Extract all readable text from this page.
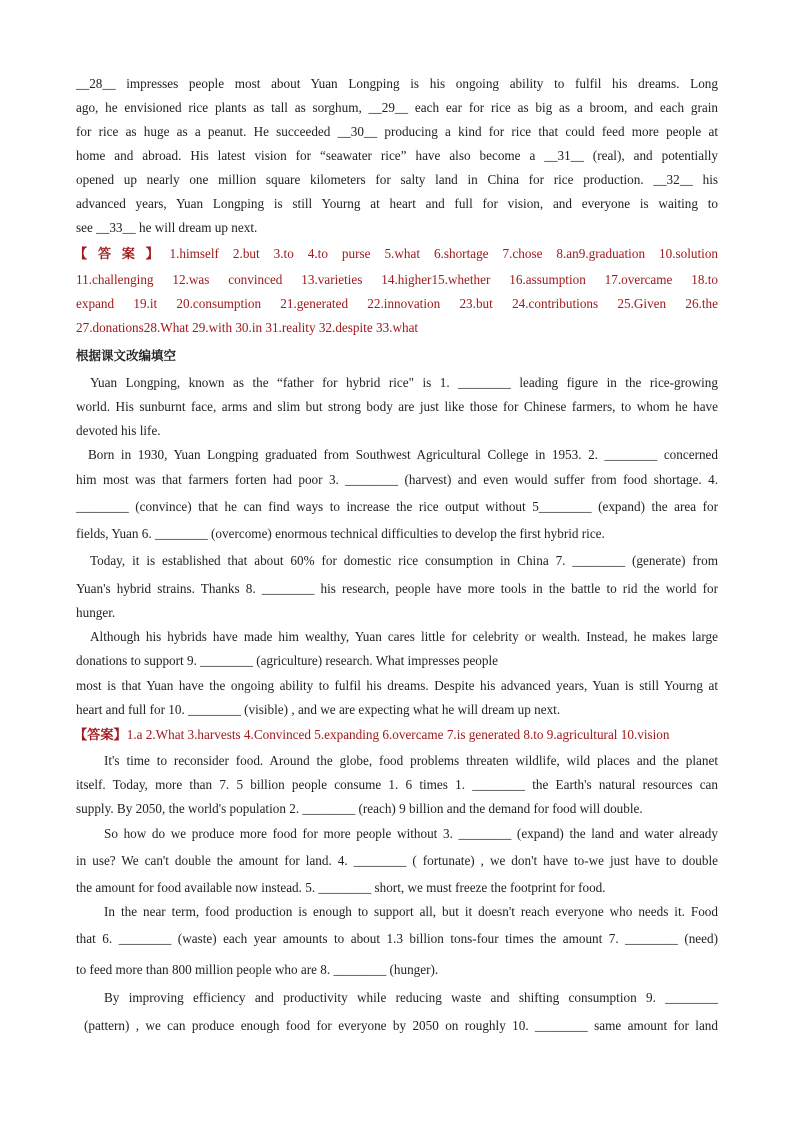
__28__ impresses people most about Yuan Longping is his ongoing ability to fulfil his dreams. Long
ago, he envisioned rice plants as tall as sorghum, __29__ each ear for rice as big as a broom, and each grain
for rice as huge as a peanut. He succeeded __30__ producing a kind for rice that could feed more people at
home and abroad. His latest vision for “seawater rice” have also become a __31__ (real), and potentially
opened up nearly one million square kilometers for salty land in China for rice production. __32__ his
advanced years, Yuan Longping is still Yourng at heart and full for vision, and everyone is waiting to
see __33__ he will dream up next.
【答案】1.himself 2.but 3.to 4.to purse 5.what 6.shortage 7.chose 8.an9.graduation 10.solution
11.challenging 12.was convinced 13.varieties 14.higher15.whether 16.assumption 17.overcame 18.to
expand 19.it 20.consumption 21.generated 22.innovation 23.but 24.contributions 25.Given 26.the
27.donations28.What 29.with 30.in 31.reality 32.despite 33.what
根据课文改编填空
Yuan Longping, known as the “father for hybrid rice" is 1. ________ leading figure in the rice-growing
world. His sunburnt face, arms and slim but strong body are just like those for Chinese farmers, to whom he have
devoted his life.
Born in 1930, Yuan Longping graduated from Southwest Agricultural College in 1953. 2. ________ concerned
him most was that farmers forten had poor 3. ________ (harvest) and even would suffer from food shortage. 4.
________ (convince) that he can find ways to increase the rice output without 5________ (expand) the area for
fields, Yuan 6. ________ (overcome) enormous technical difficulties to develop the first hybrid rice.
Today, it is established that about 60% for domestic rice consumption in China 7. ________ (generate) from
Yuan's hybrid strains. Thanks 8. ________ his research, people have more tools in the battle to rid the world for
hunger.
Although his hybrids have made him wealthy, Yuan cares little for celebrity or wealth. Instead, he makes large
donations to support 9. ________ (agriculture) research. What impresses people
most is that Yuan have the ongoing ability to fulfil his dreams. Despite his advanced years, Yuan is still Yourng at
heart and full for 10. ________ (visible) , and we are expecting what he will dream up next.
【答案】1.a 2.What 3.harvests 4.Convinced 5.expanding 6.overcame 7.is generated 8.to 9.agricultural 10.vision
It's time to reconsider food. Around the globe, food problems threaten wildlife, wild places and the planet
itself. Today, more than 7. 5 billion people consume 1. 6 times 1. ________ the Earth's natural resources can
supply. By 2050, the world's population 2. ________ (reach) 9 billion and the demand for food will double.
So how do we produce more food for more people without 3. ________ (expand) the land and water already
in use? We can't double the amount for land. 4. ________ ( fortunate) , we don't have to-we just have to double
the amount for food available now instead. 5. ________ short, we must freeze the footprint for food.
In the near term, food production is enough to support all, but it doesn't reach everyone who needs it. Food
that 6. ________ (waste) each year amounts to about 1.3 billion tons-four times the amount 7. ________ (need)
to feed more than 800 million people who are 8. ________ (hunger).
By improving efficiency and productivity while reducing waste and shifting consumption 9. ________
(pattern) , we can produce enough food for everyone by 2050 on roughly 10. ________ same amount for land
